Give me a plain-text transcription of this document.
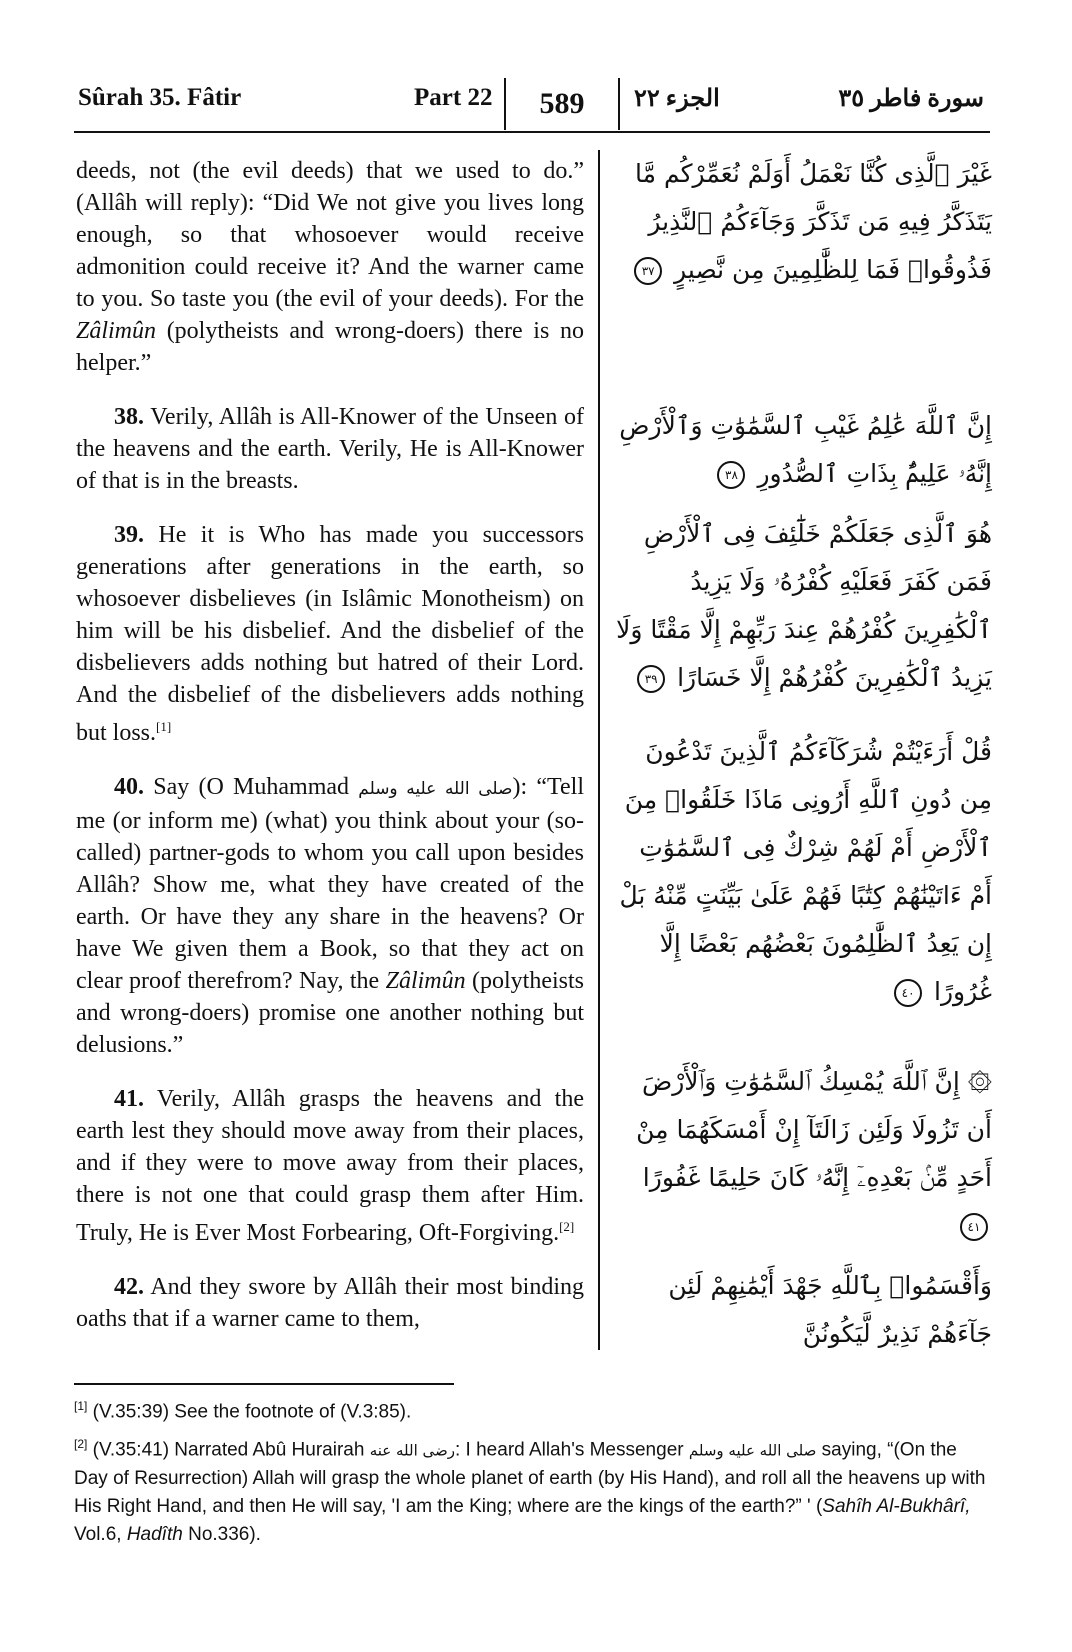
Sûrah 35. Fâtir	Part 22	589	الجزء ٢٢	سورة فاطر ٣٥

deeds, not (the evil deeds) that we used to do.” (Allâh will reply): “Did We not give you lives long enough, so that whosoever would receive admonition could receive it? And the warner came to you. So taste you (the evil of your deeds). For the Zâlimûn (polytheists and wrong-doers) there is no helper.”

38. Verily, Allâh is All-Knower of the Unseen of the heavens and the earth. Verily, He is All-Knower of that is in the breasts.

39. He it is Who has made you successors generations after generations in the earth, so whosoever disbelieves (in Islâmic Monotheism) on him will be his disbelief. And the disbelief of the disbelievers adds nothing but hatred of their Lord. And the disbelief of the disbelievers adds nothing but loss.[1]

40. Say (O Muhammad صلى الله عليه وسلم): “Tell me (or inform me) (what) you think about your (so-called) partner-gods to whom you call upon besides Allâh? Show me, what they have created of the earth. Or have they any share in the heavens? Or have We given them a Book, so that they act on clear proof therefrom? Nay, the Zâlimûn (polytheists and wrong-doers) promise one another nothing but delusions.”

41. Verily, Allâh grasps the heavens and the earth lest they should move away from their places, and if they were to move away from their places, there is not one that could grasp them after Him. Truly, He is Ever Most Forbearing, Oft-Forgiving.[2]

42. And they swore by Allâh their most binding oaths that if a warner came to them,

غَيْرَ ٱلَّذِى كُنَّا نَعْمَلُ أَوَلَمْ نُعَمِّرْكُم مَّا يَتَذَكَّرُ فِيهِ مَن تَذَكَّرَ وَجَآءَكُمُ ٱلنَّذِيرُ فَذُوقُوا۟ فَمَا لِلظَّٰلِمِينَ مِن نَّصِيرٍ ٣٧
إِنَّ ٱللَّهَ عَٰلِمُ غَيْبِ ٱلسَّمَٰوَٰتِ وَٱلْأَرْضِ إِنَّهُۥ عَلِيمٌۢ بِذَاتِ ٱلصُّدُورِ ٣٨
هُوَ ٱلَّذِى جَعَلَكُمْ خَلَٰٓئِفَ فِى ٱلْأَرْضِ فَمَن كَفَرَ فَعَلَيْهِ كُفْرُهُۥ وَلَا يَزِيدُ ٱلْكَٰفِرِينَ كُفْرُهُمْ عِندَ رَبِّهِمْ إِلَّا مَقْتًا وَلَا يَزِيدُ ٱلْكَٰفِرِينَ كُفْرُهُمْ إِلَّا خَسَارًا ٣٩
قُلْ أَرَءَيْتُمْ شُرَكَآءَكُمُ ٱلَّذِينَ تَدْعُونَ مِن دُونِ ٱللَّهِ أَرُونِى مَاذَا خَلَقُوا۟ مِنَ ٱلْأَرْضِ أَمْ لَهُمْ شِرْكٌ فِى ٱلسَّمَٰوَٰتِ أَمْ ءَاتَيْنَٰهُمْ كِتَٰبًا فَهُمْ عَلَىٰ بَيِّنَتٍ مِّنْهُ بَلْ إِن يَعِدُ ٱلظَّٰلِمُونَ بَعْضُهُم بَعْضًا إِلَّا غُرُورًا ٤٠
۞ إِنَّ ٱللَّهَ يُمْسِكُ ٱلسَّمَٰوَٰتِ وَٱلْأَرْضَ أَن تَزُولَا وَلَئِن زَالَتَآ إِنْ أَمْسَكَهُمَا مِنْ أَحَدٍ مِّنۢ بَعْدِهِۦٓ إِنَّهُۥ كَانَ حَلِيمًا غَفُورًا ٤١
وَأَقْسَمُوا۟ بِٱللَّهِ جَهْدَ أَيْمَٰنِهِمْ لَئِن جَآءَهُمْ نَذِيرٌ لَّيَكُونُنَّ

[1] (V.35:39) See the footnote of (V.3:85).

[2] (V.35:41) Narrated Abû Hurairah رضى الله عنه: I heard Allah's Messenger صلى الله عليه وسلم saying, “(On the Day of Resurrection) Allah will grasp the whole planet of earth (by His Hand), and roll all the heavens up with His Right Hand, and then He will say, 'I am the King; where are the kings of the earth?” ' (Sahîh Al-Bukhârî, Vol.6, Hadîth No.336).
